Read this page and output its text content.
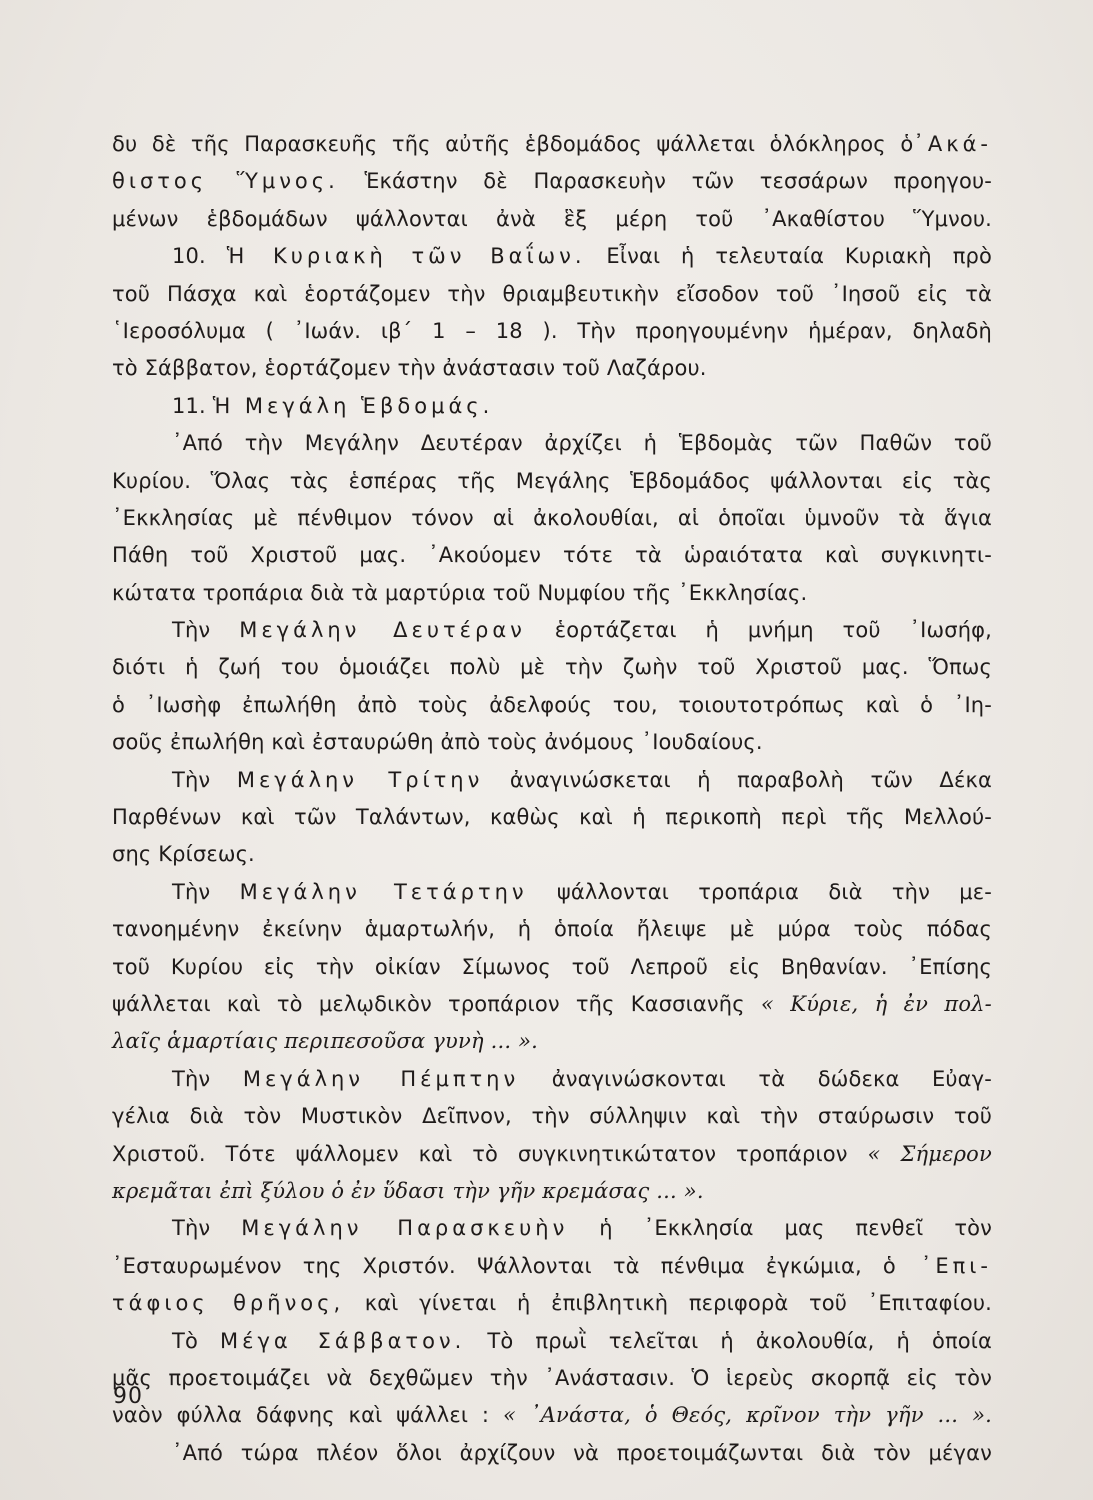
δυ δὲ τῆς Παρασκευῆς τῆς αὐτῆς ἑβδομάδος ψάλλεται ὁλόκληρος ὁ᾿Ακά-
θιστος Ὕμνος. Ἑκάστην δὲ Παρασκευὴν τῶν τεσσάρων προηγου-
μένων ἑβδομάδων ψάλλονται ἀνὰ ἓξ μέρη τοῦ ᾿Ακαθίστου Ὕμνου.
10. Ἡ Κυριακὴ τῶν Βαΐων. Εἶναι ἡ τελευταία Κυριακὴ πρὸ
τοῦ Πάσχα καὶ ἑορτάζομεν τὴν θριαμβευτικὴν εἴσοδον τοῦ ᾿Ιησοῦ εἰς τὰ
῾Ιεροσόλυμα ( ᾿Ιωάν. ιβ΄ 1 – 18 ). Τὴν προηγουμένην ἡμέραν, δηλαδὴ
τὸ Σάββατον, ἑορτάζομεν τὴν ἀνάστασιν τοῦ Λαζάρου.
11. Ἡ Μεγάλη Ἑβδομάς.
᾿Από τὴν Μεγάλην Δευτέραν ἀρχίζει ἡ Ἑβδομὰς τῶν Παθῶν τοῦ
Κυρίου. Ὅλας τὰς ἑσπέρας τῆς Μεγάλης Ἑβδομάδος ψάλλονται εἰς τὰς
᾿Εκκλησίας μὲ πένθιμον τόνον αἱ ἀκολουθίαι, αἱ ὁποῖαι ὑμνοῦν τὰ ἅγια
Πάθη τοῦ Χριστοῦ μας. ᾿Ακούομεν τότε τὰ ὡραιότατα καὶ συγκινητι-
κώτατα τροπάρια διὰ τὰ μαρτύρια τοῦ Νυμφίου τῆς ᾿Εκκλησίας.
Τὴν Μεγάλην Δευτέραν ἑορτάζεται ἡ μνήμη τοῦ ᾿Ιωσήφ,
διότι ἡ ζωή του ὁμοιάζει πολὺ μὲ τὴν ζωὴν τοῦ Χριστοῦ μας. Ὅπως
ὁ ᾿Ιωσὴφ ἐπωλήθη ἀπὸ τοὺς ἀδελφούς του, τοιουτοτρόπως καὶ ὁ ᾿Ιη-
σοῦς ἐπωλήθη καὶ ἐσταυρώθη ἀπὸ τοὺς ἀνόμους ᾿Ιουδαίους.
Τὴν Μεγάλην Τρίτην ἀναγινώσκεται ἡ παραβολὴ τῶν Δέκα
Παρθένων καὶ τῶν Ταλάντων, καθὼς καὶ ἡ περικοπὴ περὶ τῆς Μελλού-
σης Κρίσεως.
Τὴν Μεγάλην Τετάρτην ψάλλονται τροπάρια διὰ τὴν με-
τανοημένην ἐκείνην ἁμαρτωλήν, ἡ ὁποία ἤλειψε μὲ μύρα τοὺς πόδας
τοῦ Κυρίου εἰς τὴν οἰκίαν Σίμωνος τοῦ Λεπροῦ εἰς Βηθανίαν. ᾿Επίσης
ψάλλεται καὶ τὸ μελῳδικὸν τροπάριον τῆς Κασσιανῆς « Κύριε, ἡ ἐν πολ-
λαῖς ἁμαρτίαις περιπεσοῦσα γυνὴ ... ».
Τὴν Μεγάλην Πέμπτην ἀναγινώσκονται τὰ δώδεκα Εὐαγ-
γέλια διὰ τὸν Μυστικὸν Δεῖπνον, τὴν σύλληψιν καὶ τὴν σταύρωσιν τοῦ
Χριστοῦ. Τότε ψάλλομεν καὶ τὸ συγκινητικώτατον τροπάριον « Σήμερον
κρεμᾶται ἐπὶ ξύλου ὁ ἐν ὕδασι τὴν γῆν κρεμάσας ... ».
Τὴν Μεγάλην Παρασκευὴν ἡ ᾿Εκκλησία μας πενθεῖ τὸν
᾿Εσταυρωμένον της Χριστόν. Ψάλλονται τὰ πένθιμα ἐγκώμια, ὁ ᾿Επι-
τάφιος θρῆνος, καὶ γίνεται ἡ ἐπιβλητικὴ περιφορὰ τοῦ ᾿Επιταφίου.
Τὸ Μέγα Σάββατον. Τὸ πρωῒ τελεῖται ἡ ἀκολουθία, ἡ ὁποία
μᾶς προετοιμάζει νὰ δεχθῶμεν τὴν ᾿Ανάστασιν. Ὁ ἱερεὺς σκορπᾷ εἰς τὸν
ναὸν φύλλα δάφνης καὶ ψάλλει : « ᾿Ανάστα, ὁ Θεός, κρῖνον τὴν γῆν ... ».
᾿Από τώρα πλέον ὅλοι ἀρχίζουν νὰ προετοιμάζωνται διὰ τὸν μέγαν
90
